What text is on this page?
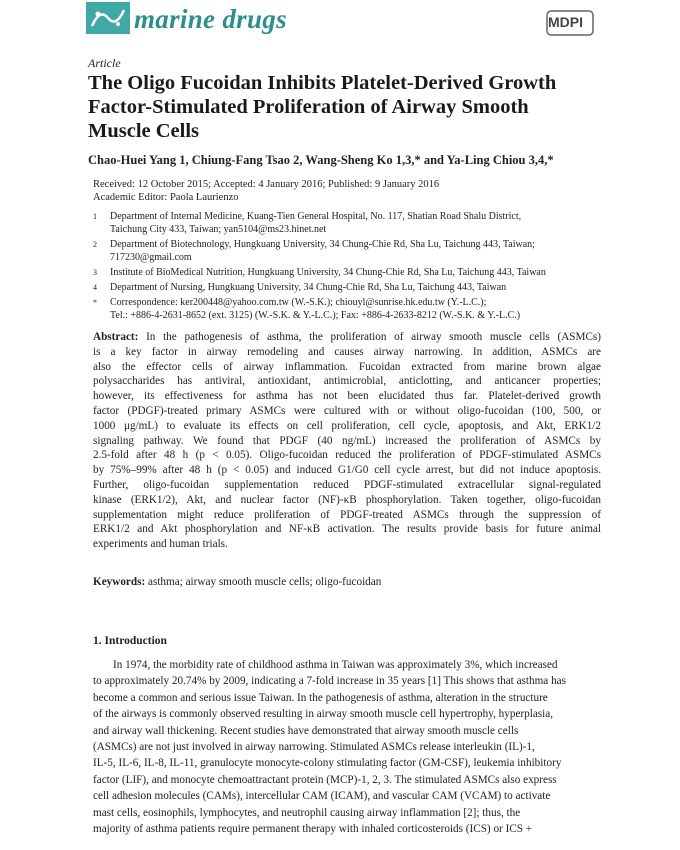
marine drugs	MDPI
Article
The Oligo Fucoidan Inhibits Platelet-Derived Growth
Factor-Stimulated Proliferation of Airway Smooth
Muscle Cells
Chao-Huei Yang 1, Chiung-Fang Tsao 2, Wang-Sheng Ko 1,3,* and Ya-Ling Chiou 3,4,*
Received: 12 October 2015; Accepted: 4 January 2016; Published: 9 January 2016
Academic Editor: Paola Laurienzo
1 Department of Internal Medicine, Kuang-Tien General Hospital, No. 117, Shatian Road Shalu District,
Taichung City 433, Taiwan; yan5104@ms23.hinet.net
2 Department of Biotechnology, Hungkuang University, 34 Chung-Chie Rd, Sha Lu, Taichung 443, Taiwan;
717230@gmail.com
3 Institute of BioMedical Nutrition, Hungkuang University, 34 Chung-Chie Rd, Sha Lu, Taichung 443, Taiwan
4 Department of Nursing, Hungkuang University, 34 Chung-Chie Rd, Sha Lu, Taichung 443, Taiwan
* Correspondence: ker200448@yahoo.com.tw (W.-S.K.); chiouyl@sunrise.hk.edu.tw (Y.-L.C.);
Tel.: +886-4-2631-8652 (ext. 3125) (W.-S.K. & Y.-L.C.); Fax: +886-4-2633-8212 (W.-S.K. & Y.-L.C.)
Abstract: In the pathogenesis of asthma, the proliferation of airway smooth muscle cells (ASMCs)
is a key factor in airway remodeling and causes airway narrowing. In addition, ASMCs are
also the effector cells of airway inflammation. Fucoidan extracted from marine brown algae
polysaccharides has antiviral, antioxidant, antimicrobial, anticlotting, and anticancer properties;
however, its effectiveness for asthma has not been elucidated thus far. Platelet-derived growth
factor (PDGF)-treated primary ASMCs were cultured with or without oligo-fucoidan (100, 500, or
1000 μg/mL) to evaluate its effects on cell proliferation, cell cycle, apoptosis, and Akt, ERK1/2
signaling pathway. We found that PDGF (40 ng/mL) increased the proliferation of ASMCs by
2.5-fold after 48 h (p < 0.05). Oligo-fucoidan reduced the proliferation of PDGF-stimulated ASMCs
by 75%–99% after 48 h (p < 0.05) and induced G1/G0 cell cycle arrest, but did not induce apoptosis.
Further, oligo-fucoidan supplementation reduced PDGF-stimulated extracellular signal-regulated
kinase (ERK1/2), Akt, and nuclear factor (NF)-κB phosphorylation. Taken together, oligo-fucoidan
supplementation might reduce proliferation of PDGF-treated ASMCs through the suppression of
ERK1/2 and Akt phosphorylation and NF-κB activation. The results provide basis for future animal
experiments and human trials.
Keywords: asthma; airway smooth muscle cells; oligo-fucoidan
1. Introduction
In 1974, the morbidity rate of childhood asthma in Taiwan was approximately 3%, which increased
to approximately 20.74% by 2009, indicating a 7-fold increase in 35 years [1] This shows that asthma has
become a common and serious issue Taiwan. In the pathogenesis of asthma, alteration in the structure
of the airways is commonly observed resulting in airway smooth muscle cell hypertrophy, hyperplasia,
and airway wall thickening. Recent studies have demonstrated that airway smooth muscle cells
(ASMCs) are not just involved in airway narrowing. Stimulated ASMCs release interleukin (IL)-1,
IL-5, IL-6, IL-8, IL-11, granulocyte monocyte-colony stimulating factor (GM-CSF), leukemia inhibitory
factor (LIF), and monocyte chemoattractant protein (MCP)-1, 2, 3. The stimulated ASMCs also express
cell adhesion molecules (CAMs), intercellular CAM (ICAM), and vascular CAM (VCAM) to activate
mast cells, eosinophils, lymphocytes, and neutrophil causing airway inflammation [2]; thus, the
majority of asthma patients require permanent therapy with inhaled corticosteroids (ICS) or ICS +
